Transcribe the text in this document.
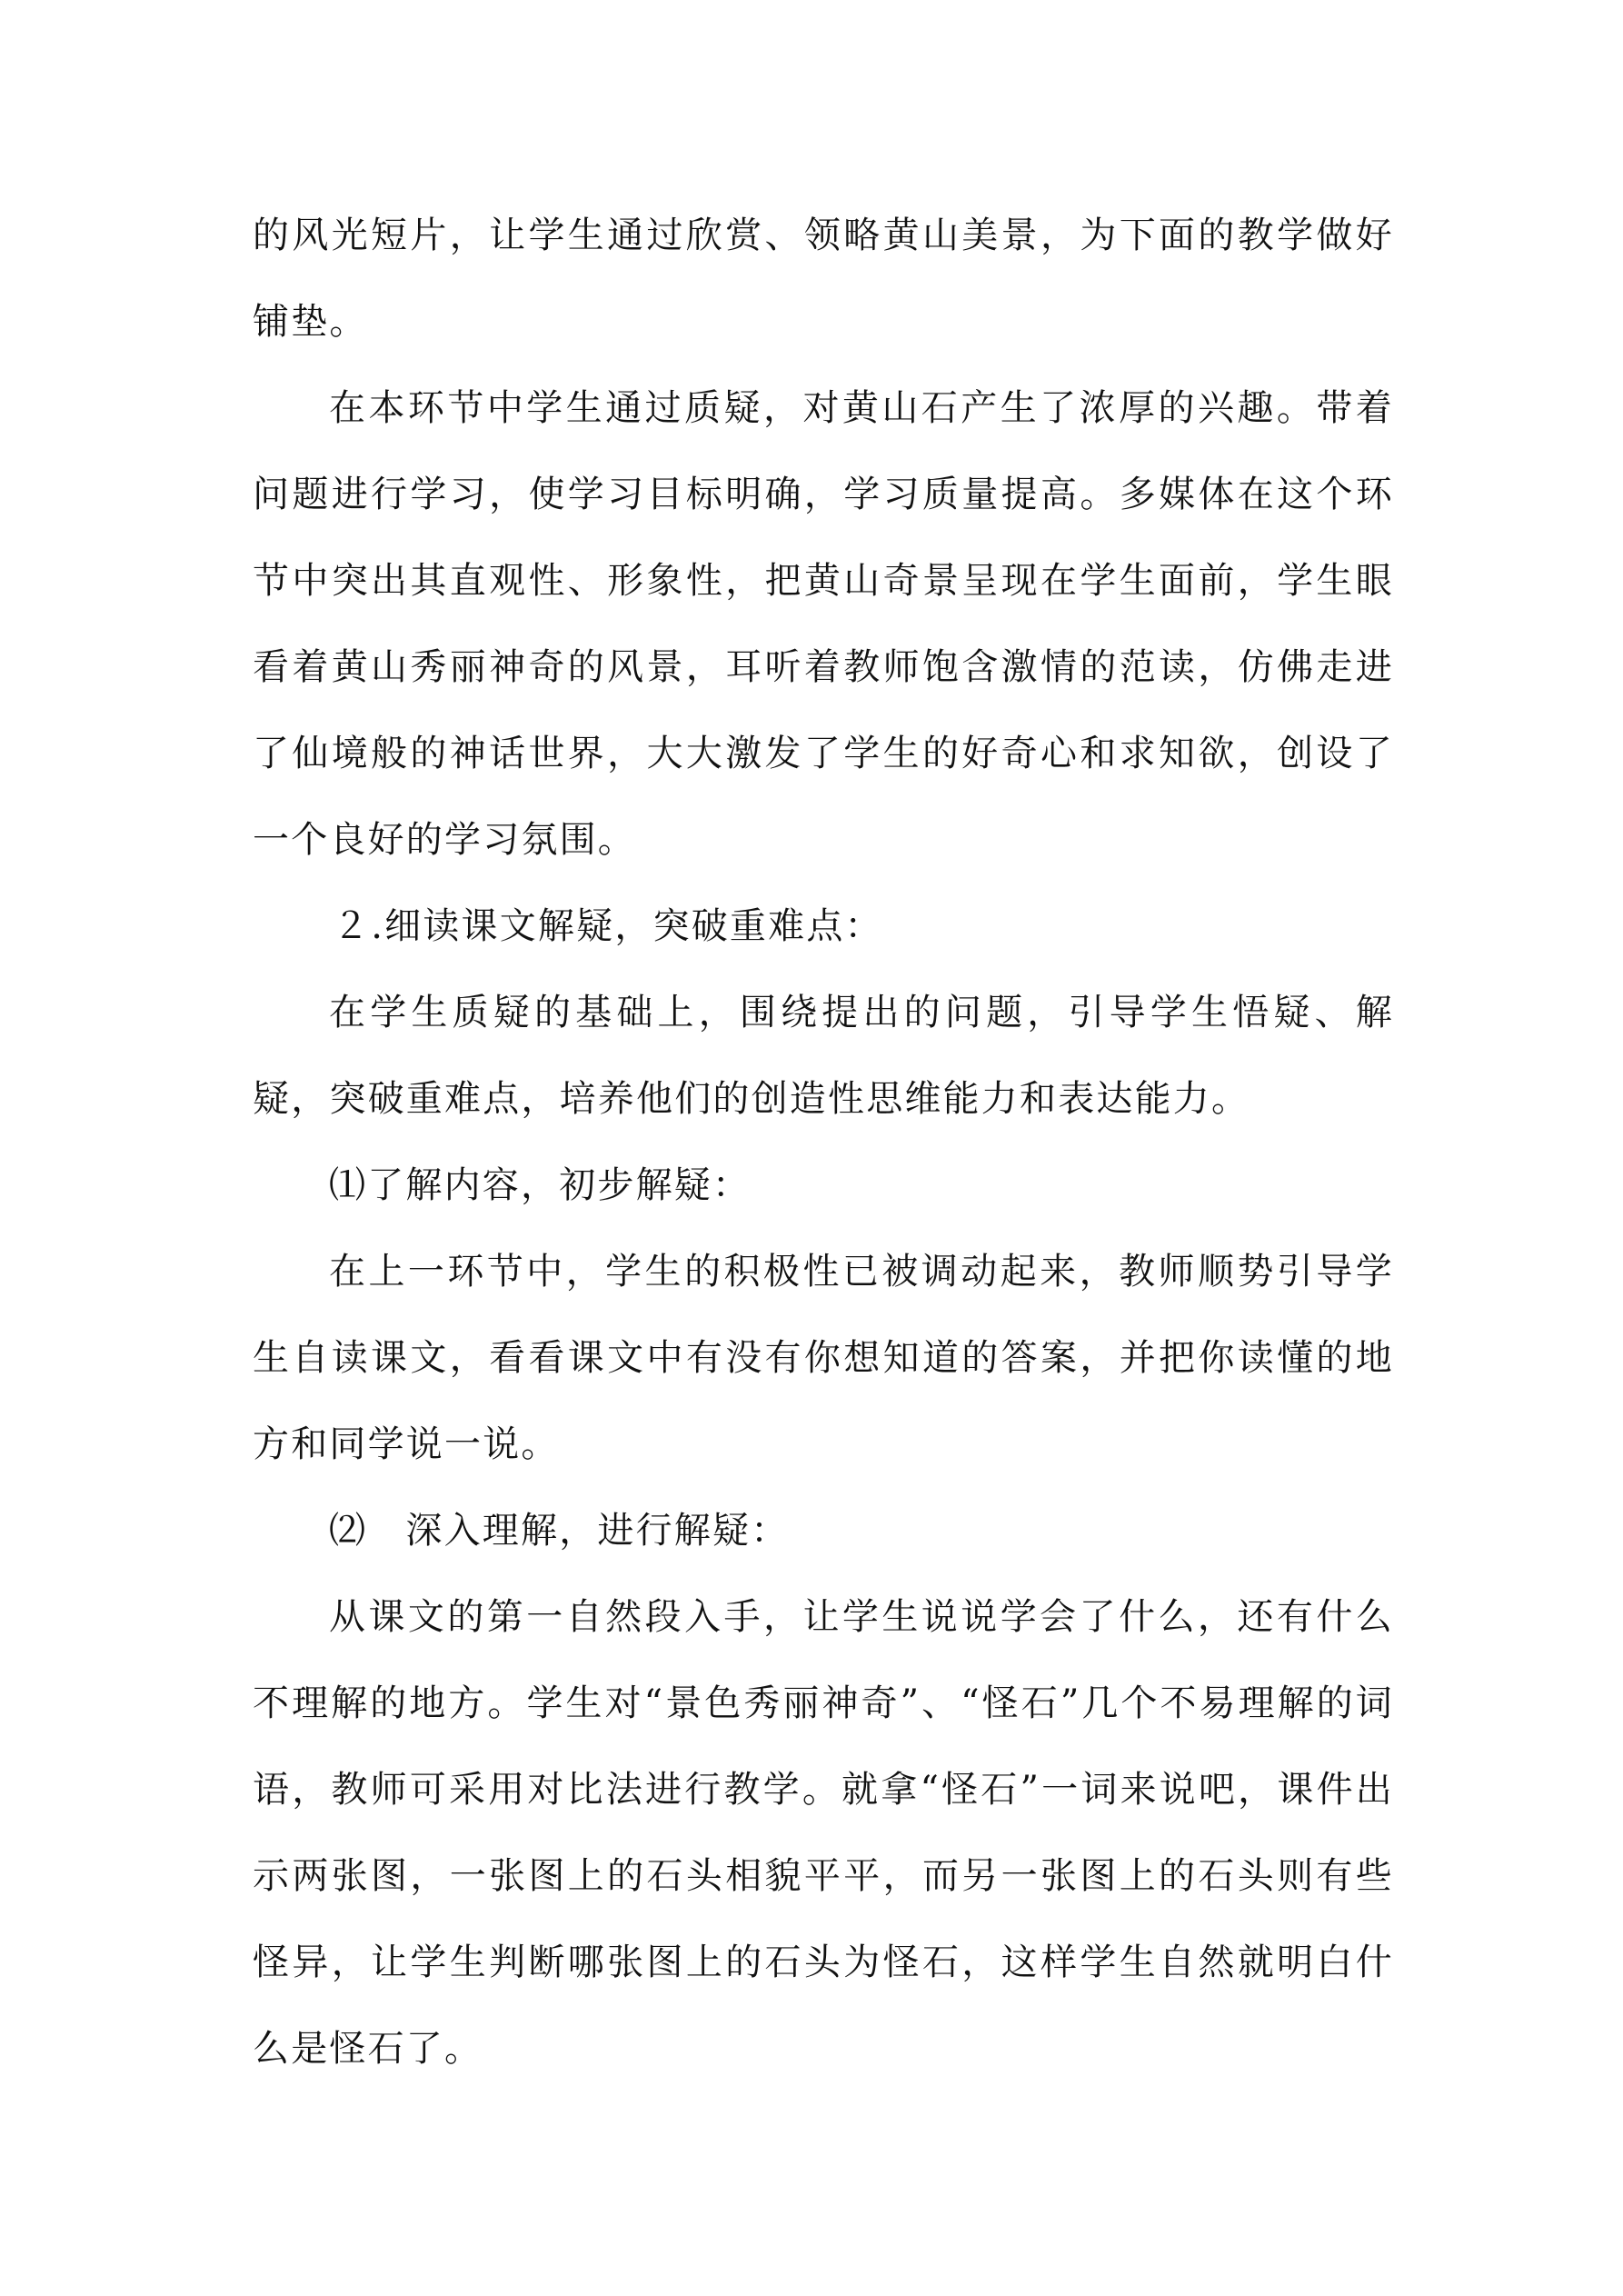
的风光短片，让学生通过欣赏、领略黄山美景，为下面的教学做好铺垫。

在本环节中学生通过质疑，对黄山石产生了浓厚的兴趣。带着问题进行学习，使学习目标明确，学习质量提高。多媒体在这个环节中突出其直观性、形象性，把黄山奇景呈现在学生面前，学生眼看着黄山秀丽神奇的风景，耳听着教师饱含激情的范读，仿佛走进了仙境般的神话世界，大大激发了学生的好奇心和求知欲，创设了一个良好的学习氛围。

２.细读课文解疑，突破重难点：

在学生质疑的基础上，围绕提出的问题，引导学生悟疑、解疑，突破重难点，培养他们的创造性思维能力和表达能力。

⑴了解内容，初步解疑：

在上一环节中，学生的积极性已被调动起来，教师顺势引导学生自读课文，看看课文中有没有你想知道的答案，并把你读懂的地方和同学说一说。

⑵　深入理解，进行解疑：

从课文的第一自然段入手，让学生说说学会了什么，还有什么不理解的地方。学生对“景色秀丽神奇”、“怪石”几个不易理解的词语，教师可采用对比法进行教学。就拿“怪石”一词来说吧，课件出示两张图，一张图上的石头相貌平平，而另一张图上的石头则有些怪异，让学生判断哪张图上的石头为怪石，这样学生自然就明白什么是怪石了。
